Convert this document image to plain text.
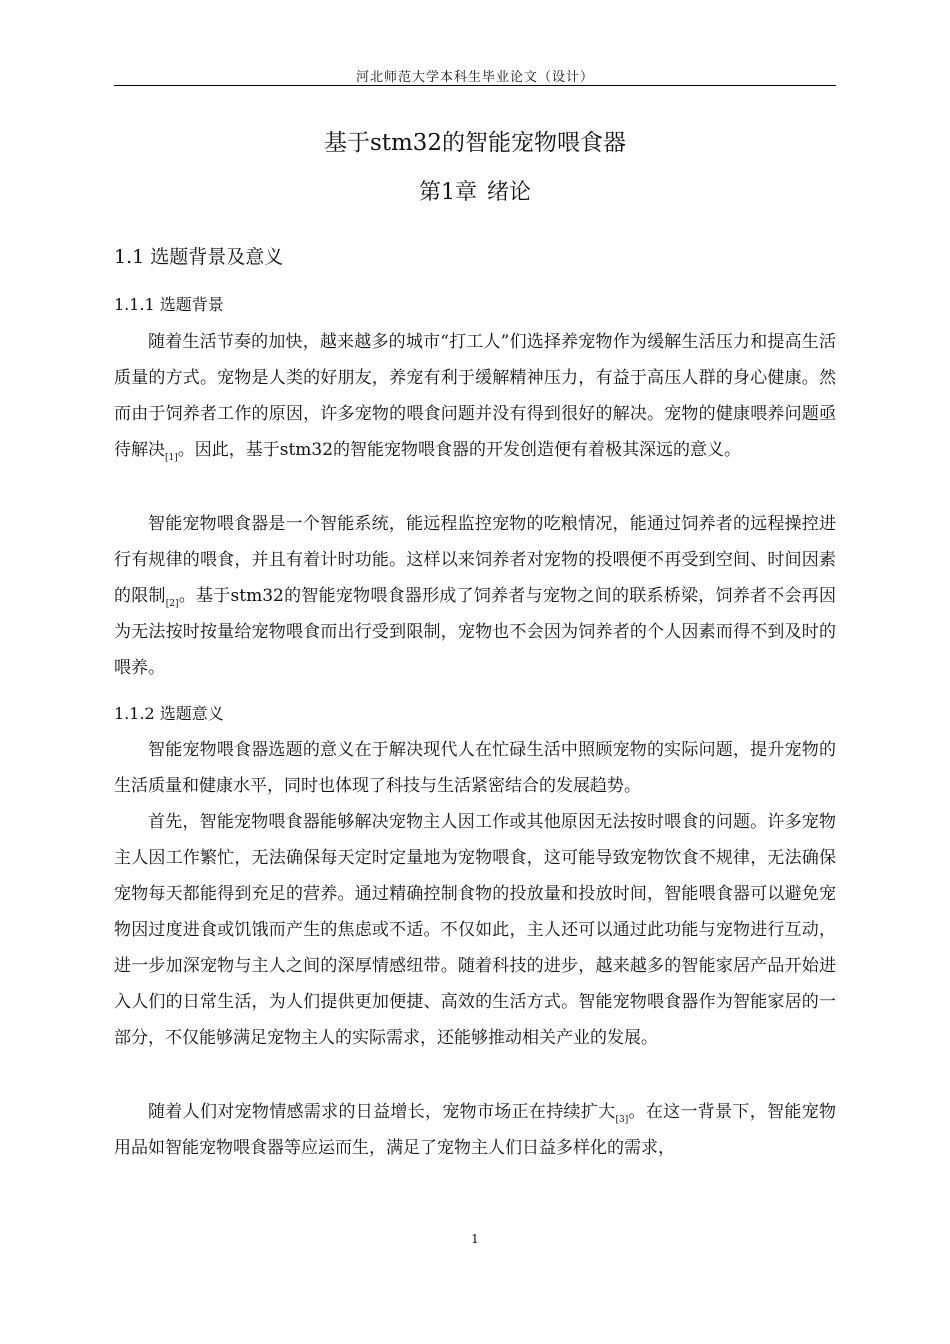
河北师范大学本科生毕业论文（设计）
基于stm32的智能宠物喂食器
第1章 绪论
1.1 选题背景及意义
1.1.1 选题背景

随着生活节奏的加快，越来越多的城市“打工人”们选择养宠物作为缓解生活压力和提高生活质量的方式。宠物是人类的好朋友，养宠有利于缓解精神压力，有益于高压人群的身心健康。然而由于饲养者工作的原因，许多宠物的喂食问题并没有得到很好的解决。宠物的健康喂养问题亟待解决[1]。因此，基于stm32的智能宠物喂食器的开发创造便有着极其深远的意义。

智能宠物喂食器是一个智能系统，能远程监控宠物的吃粮情况，能通过饲养者的远程操控进行有规律的喂食，并且有着计时功能。这样以来饲养者对宠物的投喂便不再受到空间、时间因素的限制[2]。基于stm32的智能宠物喂食器形成了饲养者与宠物之间的联系桥梁，饲养者不会再因为无法按时按量给宠物喂食而出行受到限制，宠物也不会因为饲养者的个人因素而得不到及时的喂养。

1.1.2 选题意义

智能宠物喂食器选题的意义在于解决现代人在忙碌生活中照顾宠物的实际问题，提升宠物的生活质量和健康水平，同时也体现了科技与生活紧密结合的发展趋势。

首先，智能宠物喂食器能够解决宠物主人因工作或其他原因无法按时喂食的问题。许多宠物主人因工作繁忙，无法确保每天定时定量地为宠物喂食，这可能导致宠物饮食不规律，无法确保宠物每天都能得到充足的营养。通过精确控制食物的投放量和投放时间，智能喂食器可以避免宠物因过度进食或饥饿而产生的焦虑或不适。不仅如此，主人还可以通过此功能与宠物进行互动，进一步加深宠物与主人之间的深厚情感纽带。随着科技的进步，越来越多的智能家居产品开始进入人们的日常生活，为人们提供更加便捷、高效的生活方式。智能宠物喂食器作为智能家居的一部分，不仅能够满足宠物主人的实际需求，还能够推动相关产业的发展。

随着人们对宠物情感需求的日益增长，宠物市场正在持续扩大[3]。在这一背景下，智能宠物用品如智能宠物喂食器等应运而生，满足了宠物主人们日益多样化的需求，

1
